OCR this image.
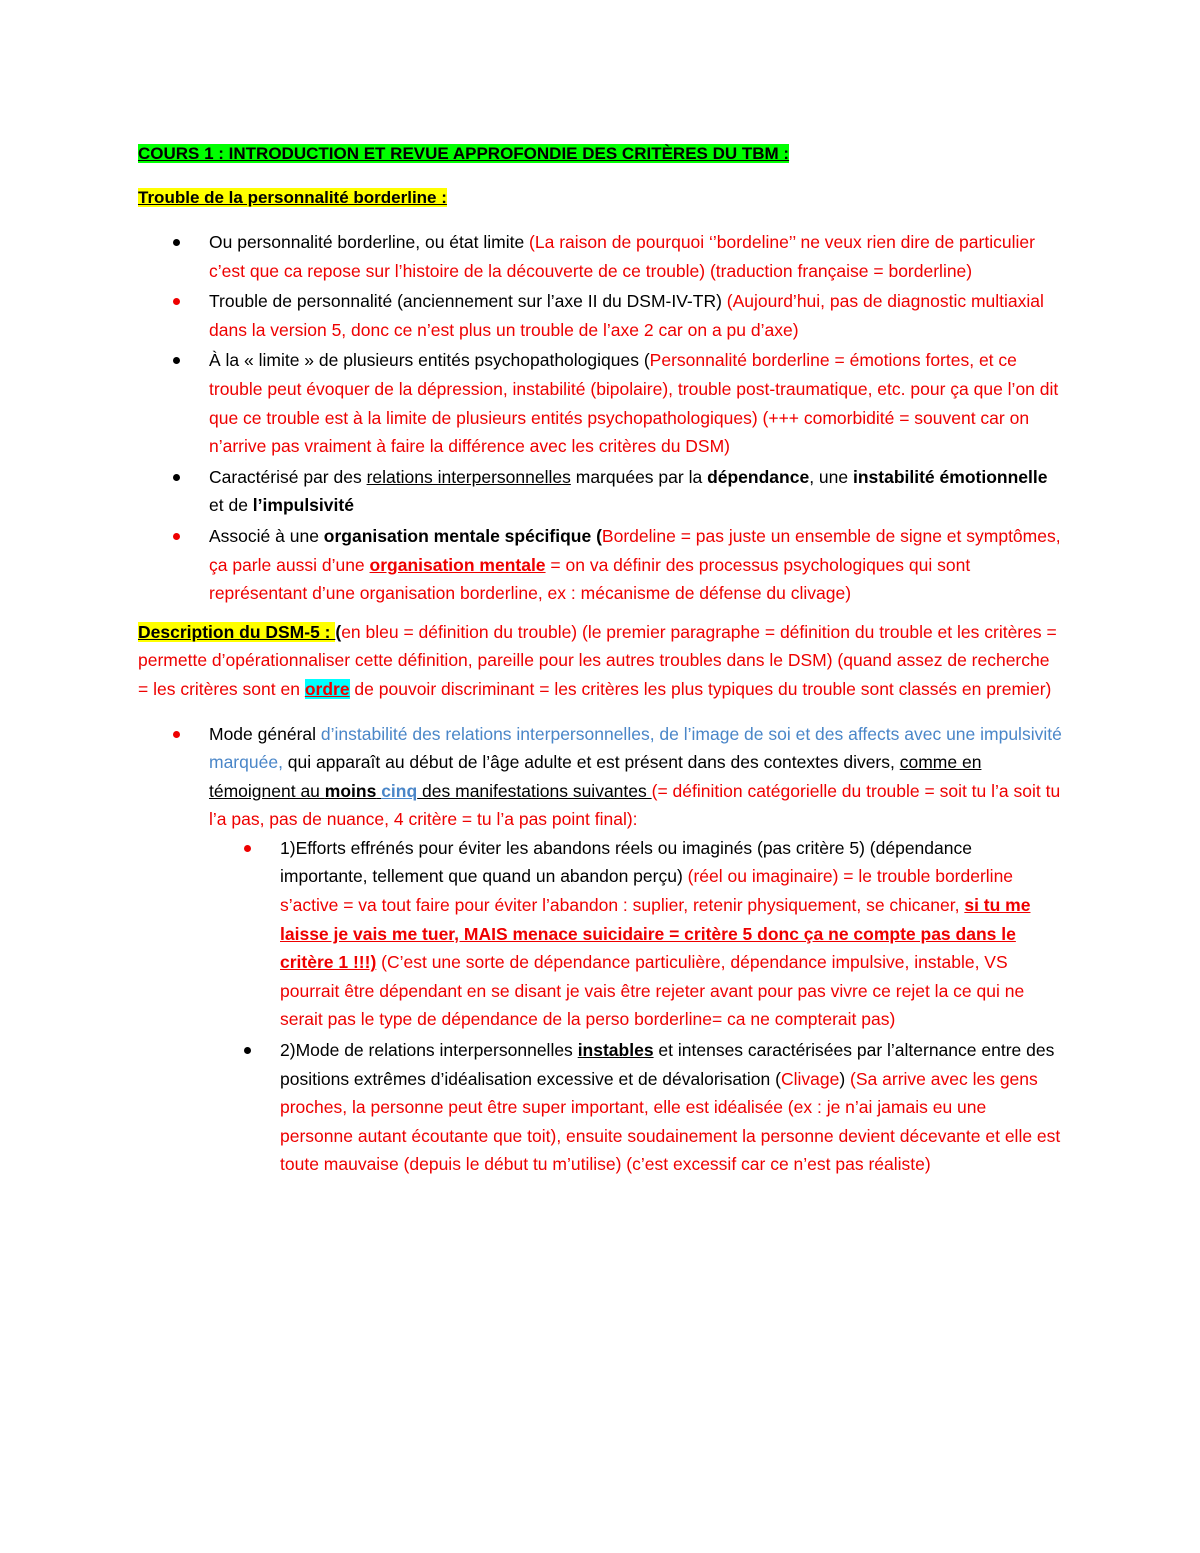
COURS 1 : INTRODUCTION ET REVUE APPROFONDIE DES CRITÈRES DU TBM :
Trouble de la personnalité borderline :
Ou personnalité borderline, ou état limite (La raison de pourquoi ‘’bordeline’’ ne veux rien dire de particulier c’est que ca repose sur l’histoire de la découverte de ce trouble) (traduction française = borderline)
Trouble de personnalité (anciennement sur l’axe II du DSM-IV-TR) (Aujourd’hui, pas de diagnostic multiaxial dans la version 5, donc ce n’est plus un trouble de l’axe 2 car on a pu d’axe)
À la « limite » de plusieurs entités psychopathologiques (Personnalité borderline = émotions fortes, et ce trouble peut évoquer de la dépression, instabilité (bipolaire), trouble post-traumatique, etc. pour ça que l’on dit que ce trouble est à la limite de plusieurs entités psychopathologiques) (+++ comorbidité = souvent car on n’arrive pas vraiment à faire la différence avec les critères du DSM)
Caractérisé par des relations interpersonnelles marquées par la dépendance, une instabilité émotionnelle et de l’impulsivité
Associé à une organisation mentale spécifique (Bordeline = pas juste un ensemble de signe et symptômes, ça parle aussi d’une organisation mentale = on va définir des processus psychologiques qui sont représentant d’une organisation borderline, ex : mécanisme de défense du clivage)
Description du DSM-5 : (en bleu = définition du trouble) (le premier paragraphe = définition du trouble et les critères = permette d’opérationnaliser cette définition, pareille pour les autres troubles dans le DSM) (quand assez de recherche = les critères sont en ordre de pouvoir discriminant = les critères les plus typiques du trouble sont classés en premier)
Mode général d’instabilité des relations interpersonnelles, de l’image de soi et des affects avec une impulsivité marquée, qui apparaît au début de l’âge adulte et est présent dans des contextes divers, comme en témoignent au moins cinq des manifestations suivantes (= définition catégorielle du trouble = soit tu l’a soit tu l’a pas, pas de nuance, 4 critère = tu l’a pas point final):
1)Efforts effrénés pour éviter les abandons réels ou imaginés (pas critère 5) (dépendance importante, tellement que quand un abandon perçu) (réel ou imaginaire) = le trouble borderline s’active = va tout faire pour éviter l’abandon : suplier, retenir physiquement, se chicaner, si tu me laisse je vais me tuer, MAIS menace suicidaire = critère 5 donc ça ne compte pas dans le critère 1 !!!) (C’est une sorte de dépendance particulière, dépendance impulsive, instable, VS pourrait être dépendant en se disant je vais être rejeter avant pour pas vivre ce rejet la ce qui ne serait pas le type de dépendance de la perso borderline= ca ne compterait pas)
2)Mode de relations interpersonnelles instables et intenses caractérisées par l’alternance entre des positions extrêmes d’idéalisation excessive et de dévalorisation (Clivage) (Sa arrive avec les gens proches, la personne peut être super important, elle est idéalisée (ex : je n’ai jamais eu une personne autant écoutante que toit), ensuite soudainement la personne devient décevante et elle est toute mauvaise (depuis le début tu m’utilise) (c’est excessif car ce n’est pas réaliste)
